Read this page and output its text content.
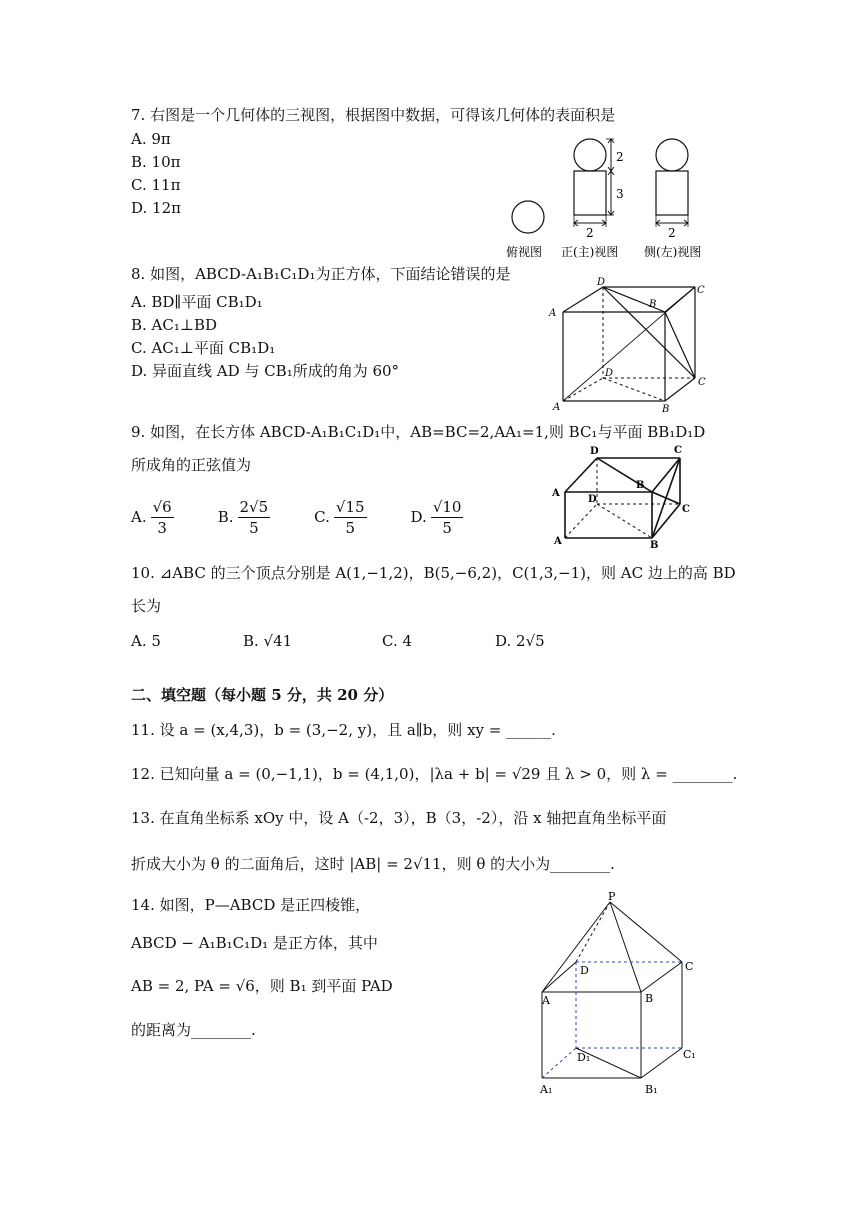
7. 右图是一个几何体的三视图，根据图中数据，可得该几何体的表面积是
A. 9π
B. 10π
C. 11π
D. 12π
2
3
2	2
俯视图 正(主)视图 侧(左)视图
8. 如图，ABCD-A₁B₁C₁D₁为正方体，下面结论错误的是
A. BD∥平面 CB₁D₁
B. AC₁⊥BD
C. AC₁⊥平面 CB₁D₁
D. 异面直线 AD 与 CB₁所成的角为 60°
A
D
B
C
D
C
A	B
9. 如图，在长方体 ABCD-A₁B₁C₁D₁中，AB=BC=2,AA₁=1,则 BC₁与平面 BB₁D₁D
所成角的正弦值为
A. $\frac{√6}{3}$	B. $\frac{2√5}{5}$	C. $\frac{√15}{5}$	D. $\frac{√10}{5}$
A
D
B
C
D
C
A	B
10. ⊿ABC 的三个顶点分别是 A(1,−1,2)，B(5,−6,2)，C(1,3,−1)，则 AC 边上的高 BD
长为
A. 5	B. √41	C. 4	D. 2√5
二、填空题（每小题 5 分，共 20 分）
11. 设 a = (x,4,3)，b = (3,−2, y)，且 a∥b，则 xy = ______.
12. 已知向量 a = (0,−1,1)，b = (4,1,0)，|λa + b| = √29 且 λ > 0，则 λ = ________.
13. 在直角坐标系 xOy 中，设 A（-2，3），B（3，-2），沿 x 轴把直角坐标平面
折成大小为 θ 的二面角后，这时 |AB| = 2√11，则 θ 的大小为________.
14. 如图，P—ABCD 是正四棱锥，
ABCD − A₁B₁C₁D₁ 是正方体，其中
AB = 2, PA = √6，则 B₁ 到平面 PAD
的距离为________.
P
D	C
A	B
D₁	C₁
A₁	B₁
